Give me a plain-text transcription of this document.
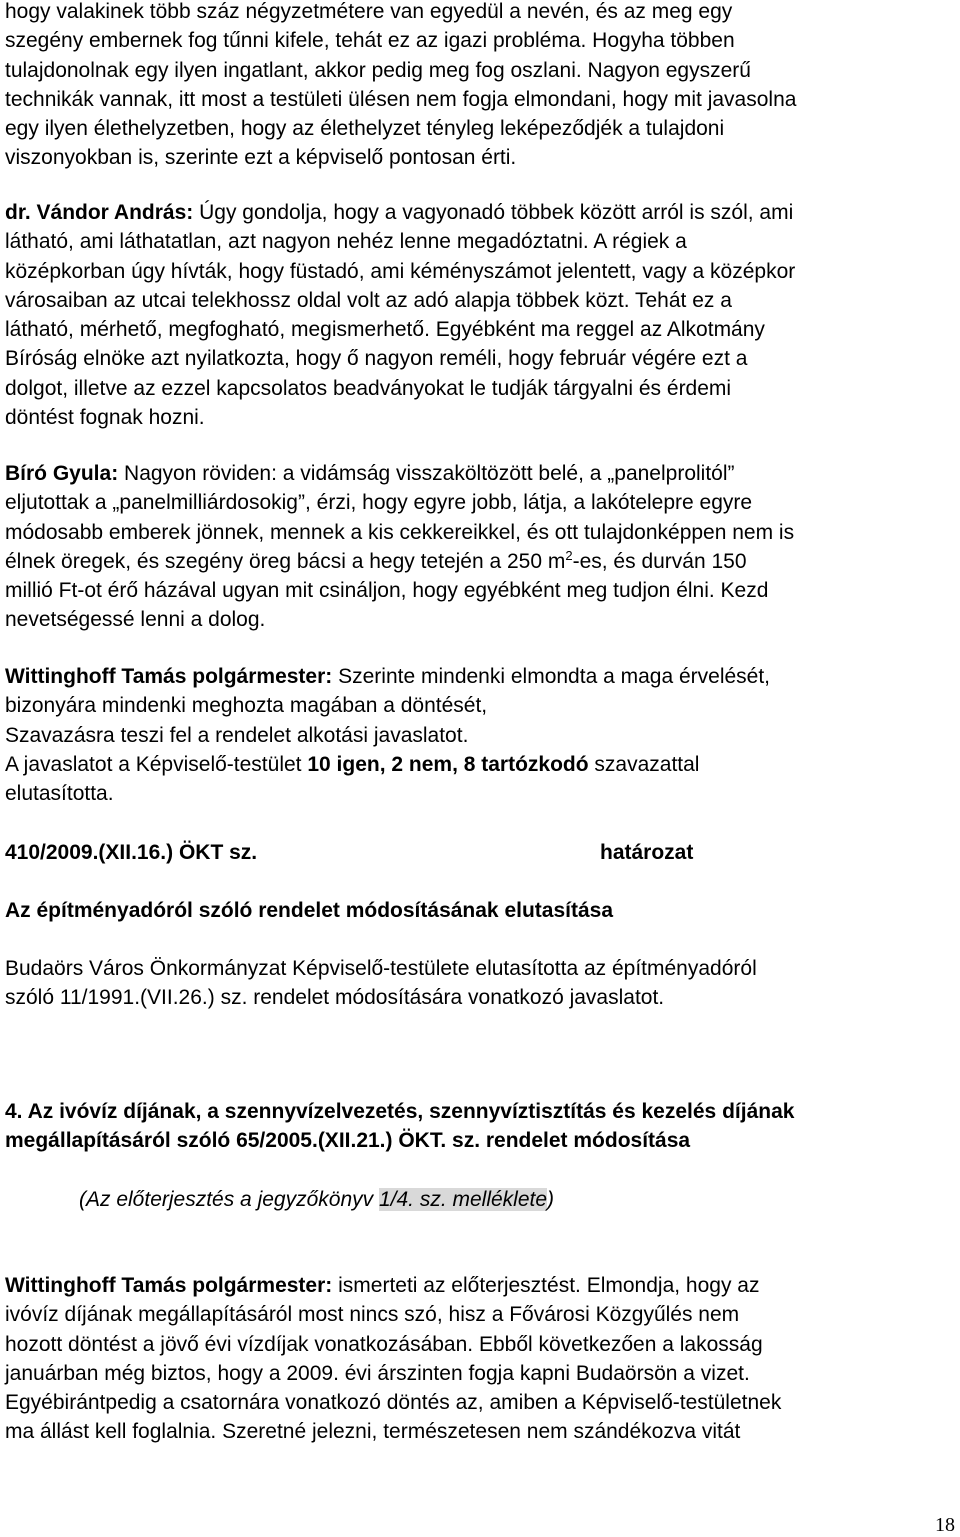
hogy valakinek több száz négyzetmétere van egyedül a nevén, és az meg egy

szegény embernek fog tűnni kifele, tehát ez az igazi probléma. Hogyha többen

tulajdonolnak egy ilyen ingatlant, akkor pedig meg fog oszlani. Nagyon egyszerű

technikák vannak, itt most a testületi ülésen nem fogja elmondani, hogy mit javasolna

egy ilyen élethelyzetben, hogy az élethelyzet tényleg leképeződjék a tulajdoni

viszonyokban is, szerinte ezt a képviselő pontosan érti.

dr. Vándor András: Úgy gondolja, hogy a vagyonadó többek között arról is szól, ami

látható, ami láthatatlan, azt nagyon nehéz lenne megadóztatni. A régiek a

középkorban úgy hívták, hogy füstadó, ami kéményszámot jelentett, vagy a középkor

városaiban az utcai telekhossz oldal volt az adó alapja többek közt. Tehát ez a

látható, mérhető, megfogható, megismerhető. Egyébként ma reggel az Alkotmány

Bíróság elnöke azt nyilatkozta, hogy ő nagyon reméli, hogy február végére ezt a

dolgot, illetve az ezzel kapcsolatos beadványokat le tudják tárgyalni és érdemi

döntést fognak hozni.

Bíró Gyula: Nagyon röviden: a vidámság visszaköltözött belé, a „panelprolitól”

eljutottak a „panelmilliárdosokig”, érzi, hogy egyre jobb, látja, a lakótelepre egyre

módosabb emberek jönnek, mennek a kis cekkereikkel, és ott tulajdonképpen nem is

élnek öregek, és szegény öreg bácsi a hegy tetején a 250 $m^2-es$, és durván 150

millió Ft-ot érő házával ugyan mit csináljon, hogy egyébként meg tudjon élni. Kezd

nevetségessé lenni a dolog.

Wittinghoff Tamás polgármester: Szerinte mindenki elmondta a maga érvelését,

bizonyára mindenki meghozta magában a döntését,

Szavazásra teszi fel a rendelet alkotási javaslatot.

A javaslatot a Képviselő-testület 10 igen, 2 nem, 8 tartózkodó szavazattal

elutasította.

410/2009.(XII.16.) ÖKT sz.	határozat
Az építményadóról szóló rendelet módosításának elutasítása

Budaörs Város Önkormányzat Képviselő-testülete elutasította az építményadóról

szóló 11/1991.(VII.26.) sz. rendelet módosítására vonatkozó javaslatot.

4. Az ivóvíz díjának, a szennyvízelvezetés, szennyvíztisztítás és kezelés díjának

megállapításáról szóló 65/2005.(XII.21.) ÖKT. sz. rendelet módosítása

(Az előterjesztés a jegyzőkönyv 1/4. sz. melléklete)

Wittinghoff Tamás polgármester: ismerteti az előterjesztést. Elmondja, hogy az

ivóvíz díjának megállapításáról most nincs szó, hisz a Fővárosi Közgyűlés nem

hozott döntést a jövő évi vízdíjak vonatkozásában. Ebből következően a lakosság

januárban még biztos, hogy a 2009. évi árszinten fogja kapni Budaörsön a vizet.

Egyébirántpedig a csatornára vonatkozó döntés az, amiben a Képviselő-testületnek

ma állást kell foglalnia. Szeretné jelezni, természetesen nem szándékozva vitát

18
